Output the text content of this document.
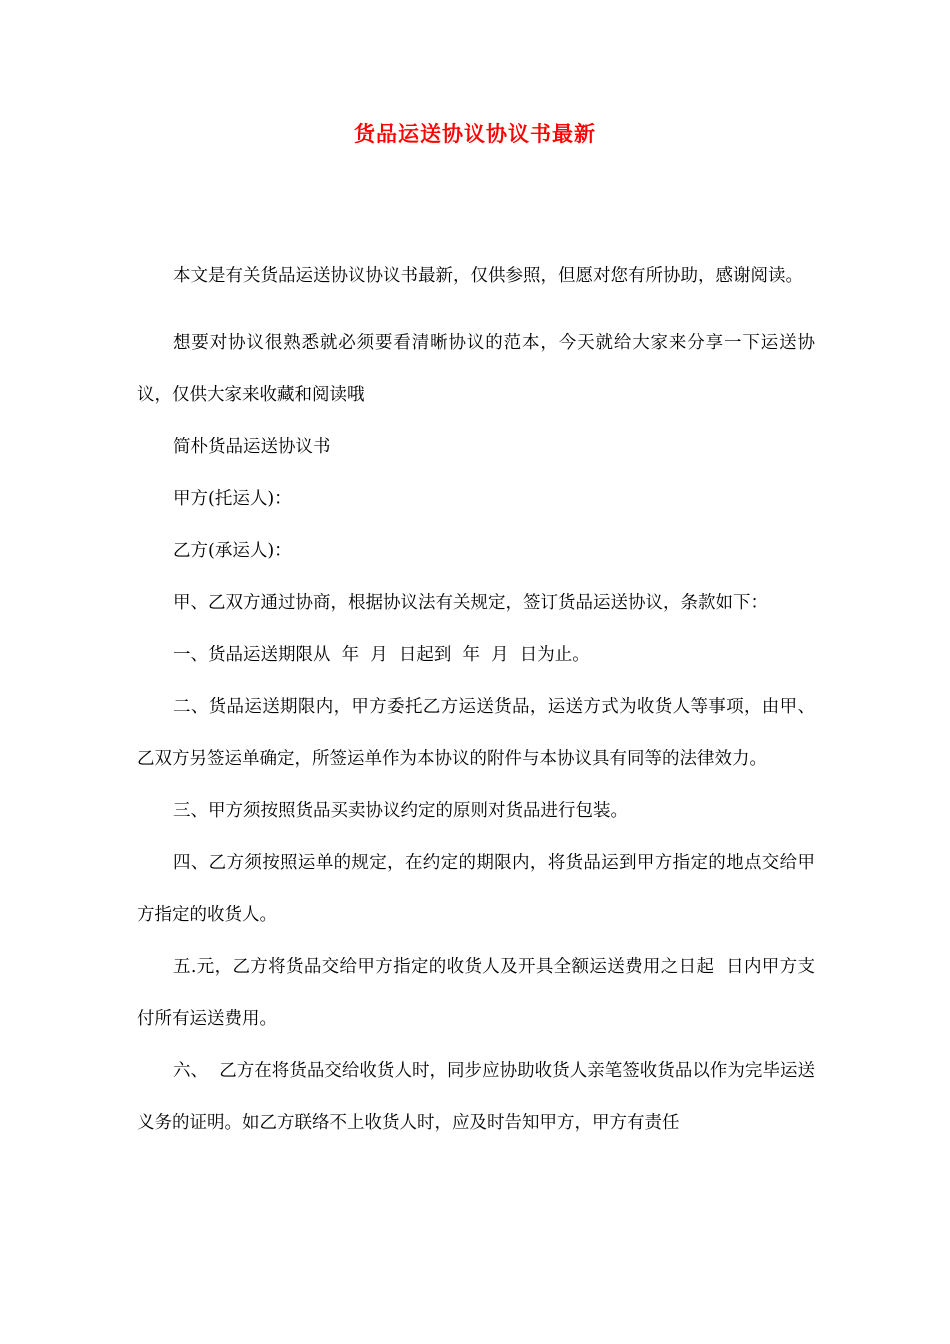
货品运送协议协议书最新

本文是有关货品运送协议协议书最新，仅供参照，但愿对您有所协助，感谢阅读。

想要对协议很熟悉就必须要看清晰协议的范本，今天就给大家来分享一下运送协议，仅供大家来收藏和阅读哦

简朴货品运送协议书

甲方(托运人)：

乙方(承运人)：

甲、乙双方通过协商，根据协议法有关规定，签订货品运送协议，条款如下：

一、货品运送期限从  年  月  日起到  年  月  日为止。

二、货品运送期限内，甲方委托乙方运送货品，运送方式为收货人等事项，由甲、乙双方另签运单确定，所签运单作为本协议的附件与本协议具有同等的法律效力。

三、甲方须按照货品买卖协议约定的原则对货品进行包装。

四、乙方须按照运单的规定，在约定的期限内，将货品运到甲方指定的地点交给甲方指定的收货人。

五.元，乙方将货品交给甲方指定的收货人及开具全额运送费用之日起  日内甲方支付所有运送费用。

六、  乙方在将货品交给收货人时，同步应协助收货人亲笔签收货品以作为完毕运送义务的证明。如乙方联络不上收货人时，应及时告知甲方，甲方有责任
